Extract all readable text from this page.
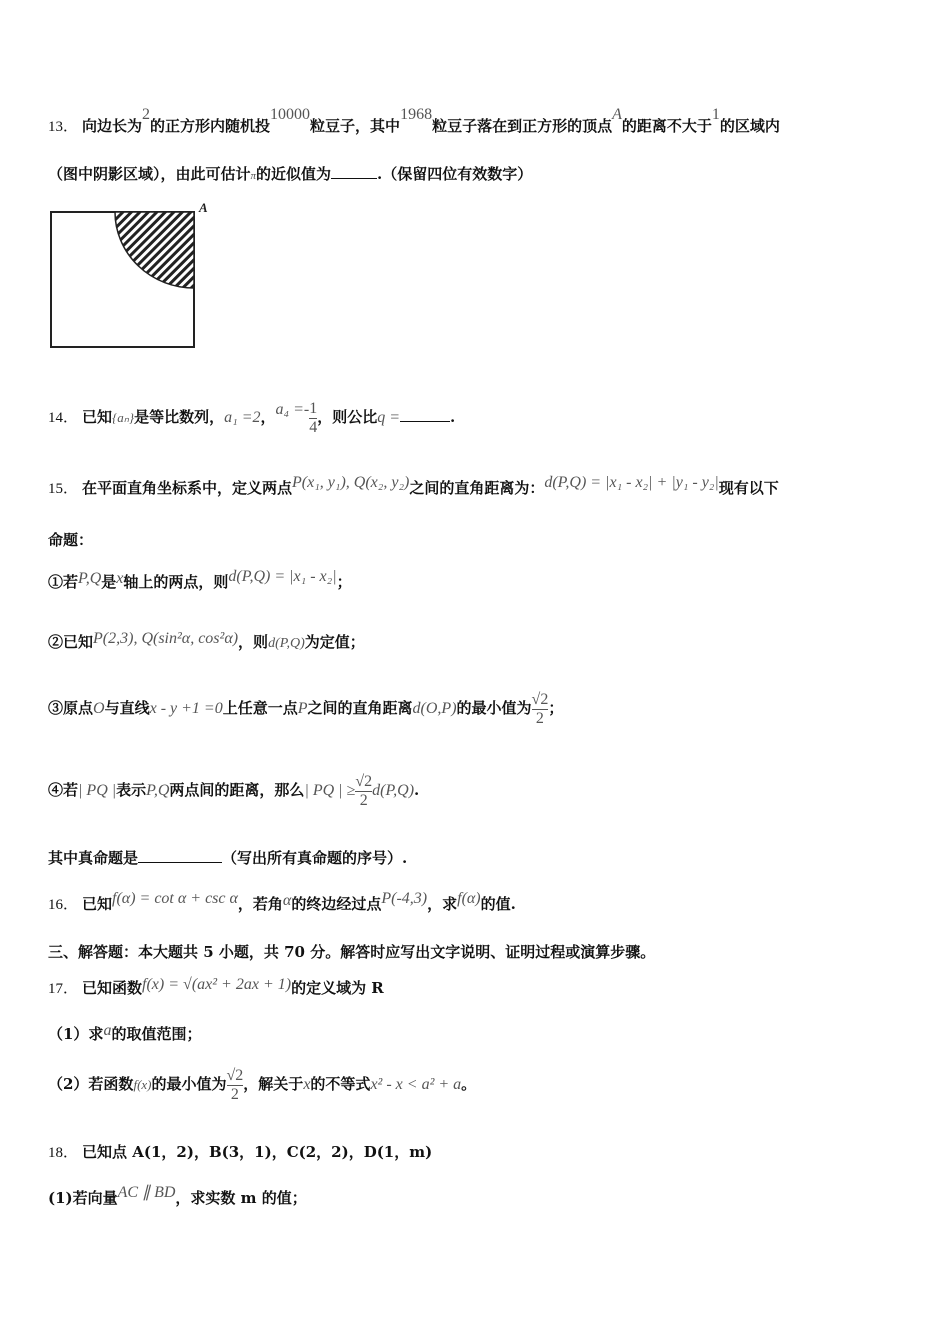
13． 向边长为2的正方形内随机投10000粒豆子，其中1968粒豆子落在到正方形的顶点A的距离不大于1的区域内
（图中阴影区域），由此可估计π的近似值为	.（保留四位有效数字）
A
14． 已知{aₙ}是等比数列，a₁ =2，$a_4 =- \frac{1}{4}$ ，则公比q =	.
15． 在平面直角坐标系中，定义两点P(x₁, y₁), Q(x₂, y₂)之间的直角距离为：d(P,Q) = |x₁ - x₂| + |y₁ - y₂|现有以下
命题：
①若P,Q是x轴上的两点，则d(P,Q) = |x₁ - x₂|；
②已知P(2,3), Q(sin²α, cos²α)，则d(P,Q)为定值；
③原点O与直线x - y +1 =0上任意一点P之间的直角距离d(O,P)的最小值为 $\frac{√2}{2}$ ；
④若| PQ |表示P,Q两点间的距离，那么| PQ | ≥ $\frac{√2}{2} d(P,Q)$.
其中真命题是	（写出所有真命题的序号）.
16． 已知f(α) = cot α + csc α，若角α的终边经过点P(-4,3)，求f(α)的值.
三、解答题：本大题共 5 小题，共 70 分。解答时应写出文字说明、证明过程或演算步骤。
17． 已知函数f(x) = √(ax² + 2ax + 1)的定义域为 R
（1）求a的取值范围；
（2）若函数f(x)的最小值为 $\frac{√2}{2}$ ，解关于x的不等式x² - x < a² + a。
18． 已知点 A(1，2)，B(3，1)，C(2，2)，D(1，m)
(1)若向量AC ∥ BD，求实数 m 的值；
